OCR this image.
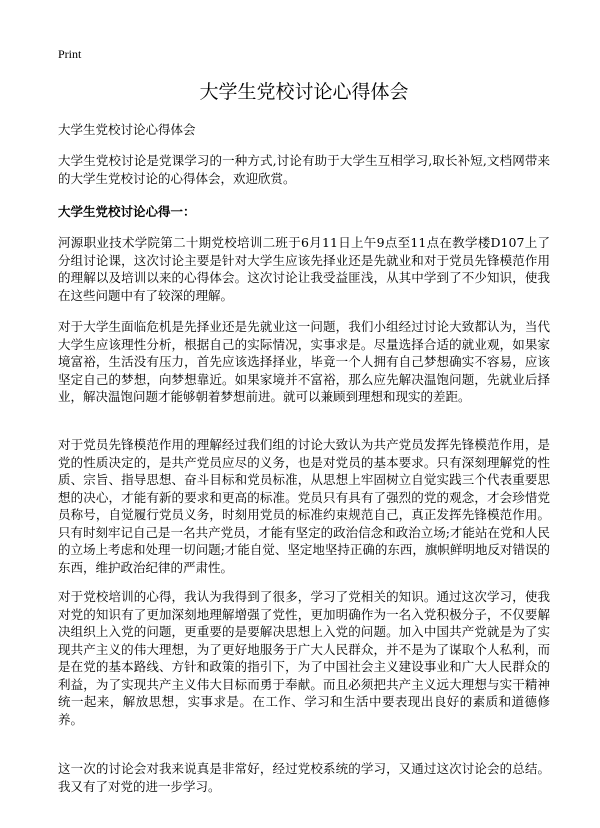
Print
大学生党校讨论心得体会
大学生党校讨论心得体会

大学生党校讨论是党课学习的一种方式,讨论有助于大学生互相学习,取长补短,文档网带来的大学生党校讨论的心得体会，欢迎欣赏。

大学生党校讨论心得一：

河源职业技术学院第二十期党校培训二班于6月11日上午9点至11点在教学楼D107上了分组讨论课，这次讨论主要是针对大学生应该先择业还是先就业和对于党员先锋模范作用的理解以及培训以来的心得体会。这次讨论让我受益匪浅，从其中学到了不少知识，使我在这些问题中有了较深的理解。

对于大学生面临危机是先择业还是先就业这一问题，我们小组经过讨论大致都认为，当代大学生应该理性分析，根据自己的实际情况，实事求是。尽量选择合适的就业观，如果家境富裕，生活没有压力，首先应该选择择业，毕竟一个人拥有自己梦想确实不容易，应该坚定自己的梦想，向梦想靠近。如果家境并不富裕，那么应先解决温饱问题，先就业后择业，解决温饱问题才能够朝着梦想前进。就可以兼顾到理想和现实的差距。

对于党员先锋模范作用的理解经过我们组的讨论大致认为共产党员发挥先锋模范作用，是党的性质决定的，是共产党员应尽的义务，也是对党员的基本要求。只有深刻理解党的性质、宗旨、指导思想、奋斗目标和党员标准，从思想上牢固树立自觉实践三个代表重要思想的决心，才能有新的要求和更高的标准。党员只有具有了强烈的党的观念，才会珍惜党员称号，自觉履行党员义务，时刻用党员的标准约束规范自己，真正发挥先锋模范作用。只有时刻牢记自己是一名共产党员，才能有坚定的政治信念和政治立场;才能站在党和人民的立场上考虑和处理一切问题;才能自觉、坚定地坚持正确的东西，旗帜鲜明地反对错误的东西，维护政治纪律的严肃性。

对于党校培训的心得，我认为我得到了很多，学习了党相关的知识。通过这次学习，使我对党的知识有了更加深刻地理解增强了党性，更加明确作为一名入党积极分子，不仅要解决组织上入党的问题，更重要的是要解决思想上入党的问题。加入中国共产党就是为了实现共产主义的伟大理想，为了更好地服务于广大人民群众，并不是为了谋取个人私利，而是在党的基本路线、方针和政策的指引下，为了中国社会主义建设事业和广大人民群众的利益，为了实现共产主义伟大目标而勇于奉献。而且必须把共产主义远大理想与实干精神统一起来，解放思想，实事求是。在工作、学习和生活中要表现出良好的素质和道德修养。

这一次的讨论会对我来说真是非常好，经过党校系统的学习，又通过这次讨论会的总结。我又有了对党的进一步学习。
